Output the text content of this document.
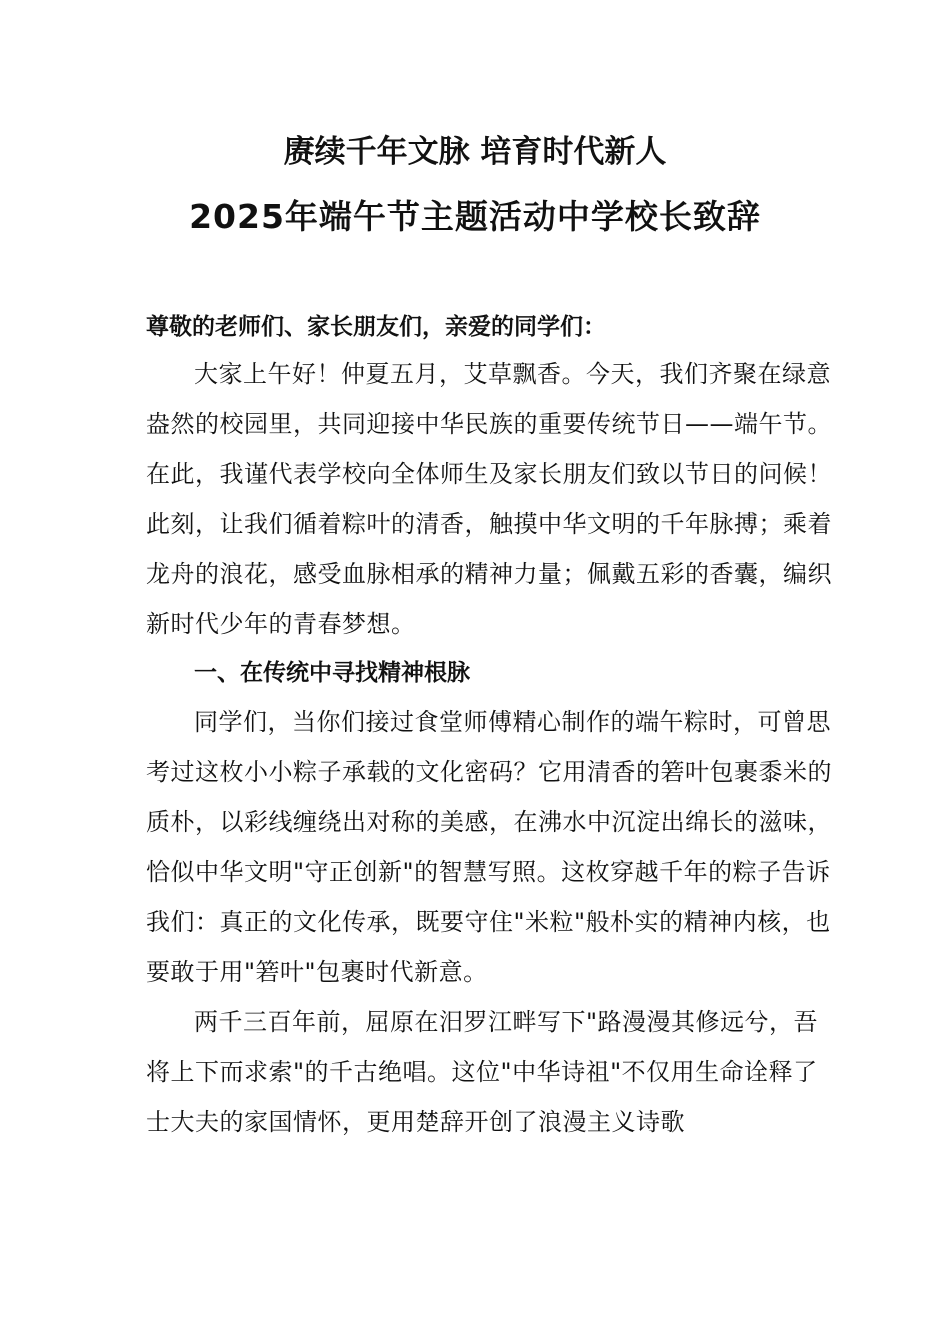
赓续千年文脉 培育时代新人
2025年端午节主题活动中学校长致辞

尊敬的老师们、家长朋友们，亲爱的同学们：

大家上午好！仲夏五月，艾草飘香。今天，我们齐聚在绿意盎然的校园里，共同迎接中华民族的重要传统节日——端午节。在此，我谨代表学校向全体师生及家长朋友们致以节日的问候！此刻，让我们循着粽叶的清香，触摸中华文明的千年脉搏；乘着龙舟的浪花，感受血脉相承的精神力量；佩戴五彩的香囊，编织新时代少年的青春梦想。

一、在传统中寻找精神根脉

同学们，当你们接过食堂师傅精心制作的端午粽时，可曾思考过这枚小小粽子承载的文化密码？它用清香的箬叶包裹黍米的质朴，以彩线缠绕出对称的美感，在沸水中沉淀出绵长的滋味，恰似中华文明"守正创新"的智慧写照。这枚穿越千年的粽子告诉我们：真正的文化传承，既要守住"米粒"般朴实的精神内核，也要敢于用"箬叶"包裹时代新意。

两千三百年前，屈原在汨罗江畔写下"路漫漫其修远兮，吾将上下而求索"的千古绝唱。这位"中华诗祖"不仅用生命诠释了士大夫的家国情怀，更用楚辞开创了浪漫主义诗歌
